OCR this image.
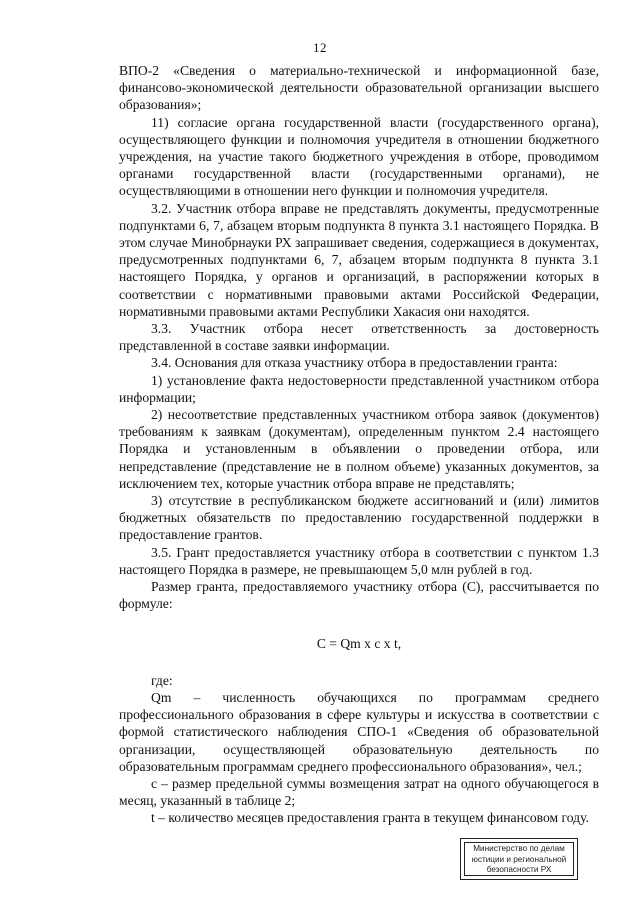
12

ВПО-2 «Сведения о материально-технической и информационной базе, финансово-экономической деятельности образовательной организации высшего образования»;

11) согласие органа государственной власти (государственного органа), осуществляющего функции и полномочия учредителя в отношении бюджетного учреждения, на участие такого бюджетного учреждения в отборе, проводимом органами государственной власти (государственными органами), не осуществляющими в отношении него функции и полномочия учредителя.

3.2. Участник отбора вправе не представлять документы, предусмотренные подпунктами 6, 7, абзацем вторым подпункта 8 пункта 3.1 настоящего Порядка. В этом случае Минобрнауки РХ запрашивает сведения, содержащиеся в документах, предусмотренных подпунктами 6, 7, абзацем вторым подпункта 8 пункта 3.1 настоящего Порядка, у органов и организаций, в распоряжении которых в соответствии с нормативными правовыми актами Российской Федерации, нормативными правовыми актами Республики Хакасия они находятся.

3.3. Участник отбора несет ответственность за достоверность представленной в составе заявки информации.

3.4. Основания для отказа участнику отбора в предоставлении гранта:

1) установление факта недостоверности представленной участником отбора информации;

2) несоответствие представленных участником отбора заявок (документов) требованиям к заявкам (документам), определенным пунктом 2.4 настоящего Порядка и установленным в объявлении о проведении отбора, или непредставление (представление не в полном объеме) указанных документов, за исключением тех, которые участник отбора вправе не представлять;

3) отсутствие в республиканском бюджете ассигнований и (или) лимитов бюджетных обязательств по предоставлению государственной поддержки в предоставление грантов.

3.5. Грант предоставляется участнику отбора в соответствии с пунктом 1.3 настоящего Порядка в размере, не превышающем 5,0 млн рублей в год.

Размер гранта, предоставляемого участнику отбора (С), рассчитывается по формуле:

C = Qm x c x t,

где:

Qm – численность обучающихся по программам среднего профессионального образования в сфере культуры и искусства в соответствии с формой статистического наблюдения СПО-1 «Сведения об образовательной организации, осуществляющей образовательную деятельность по образовательным программам среднего профессионального образования», чел.;

с – размер предельной суммы возмещения затрат на одного обучающегося в месяц, указанный в таблице 2;

t – количество месяцев предоставления гранта в текущем финансовом году.

Министерство по делам
юстиции и региональной
безопасности РХ
